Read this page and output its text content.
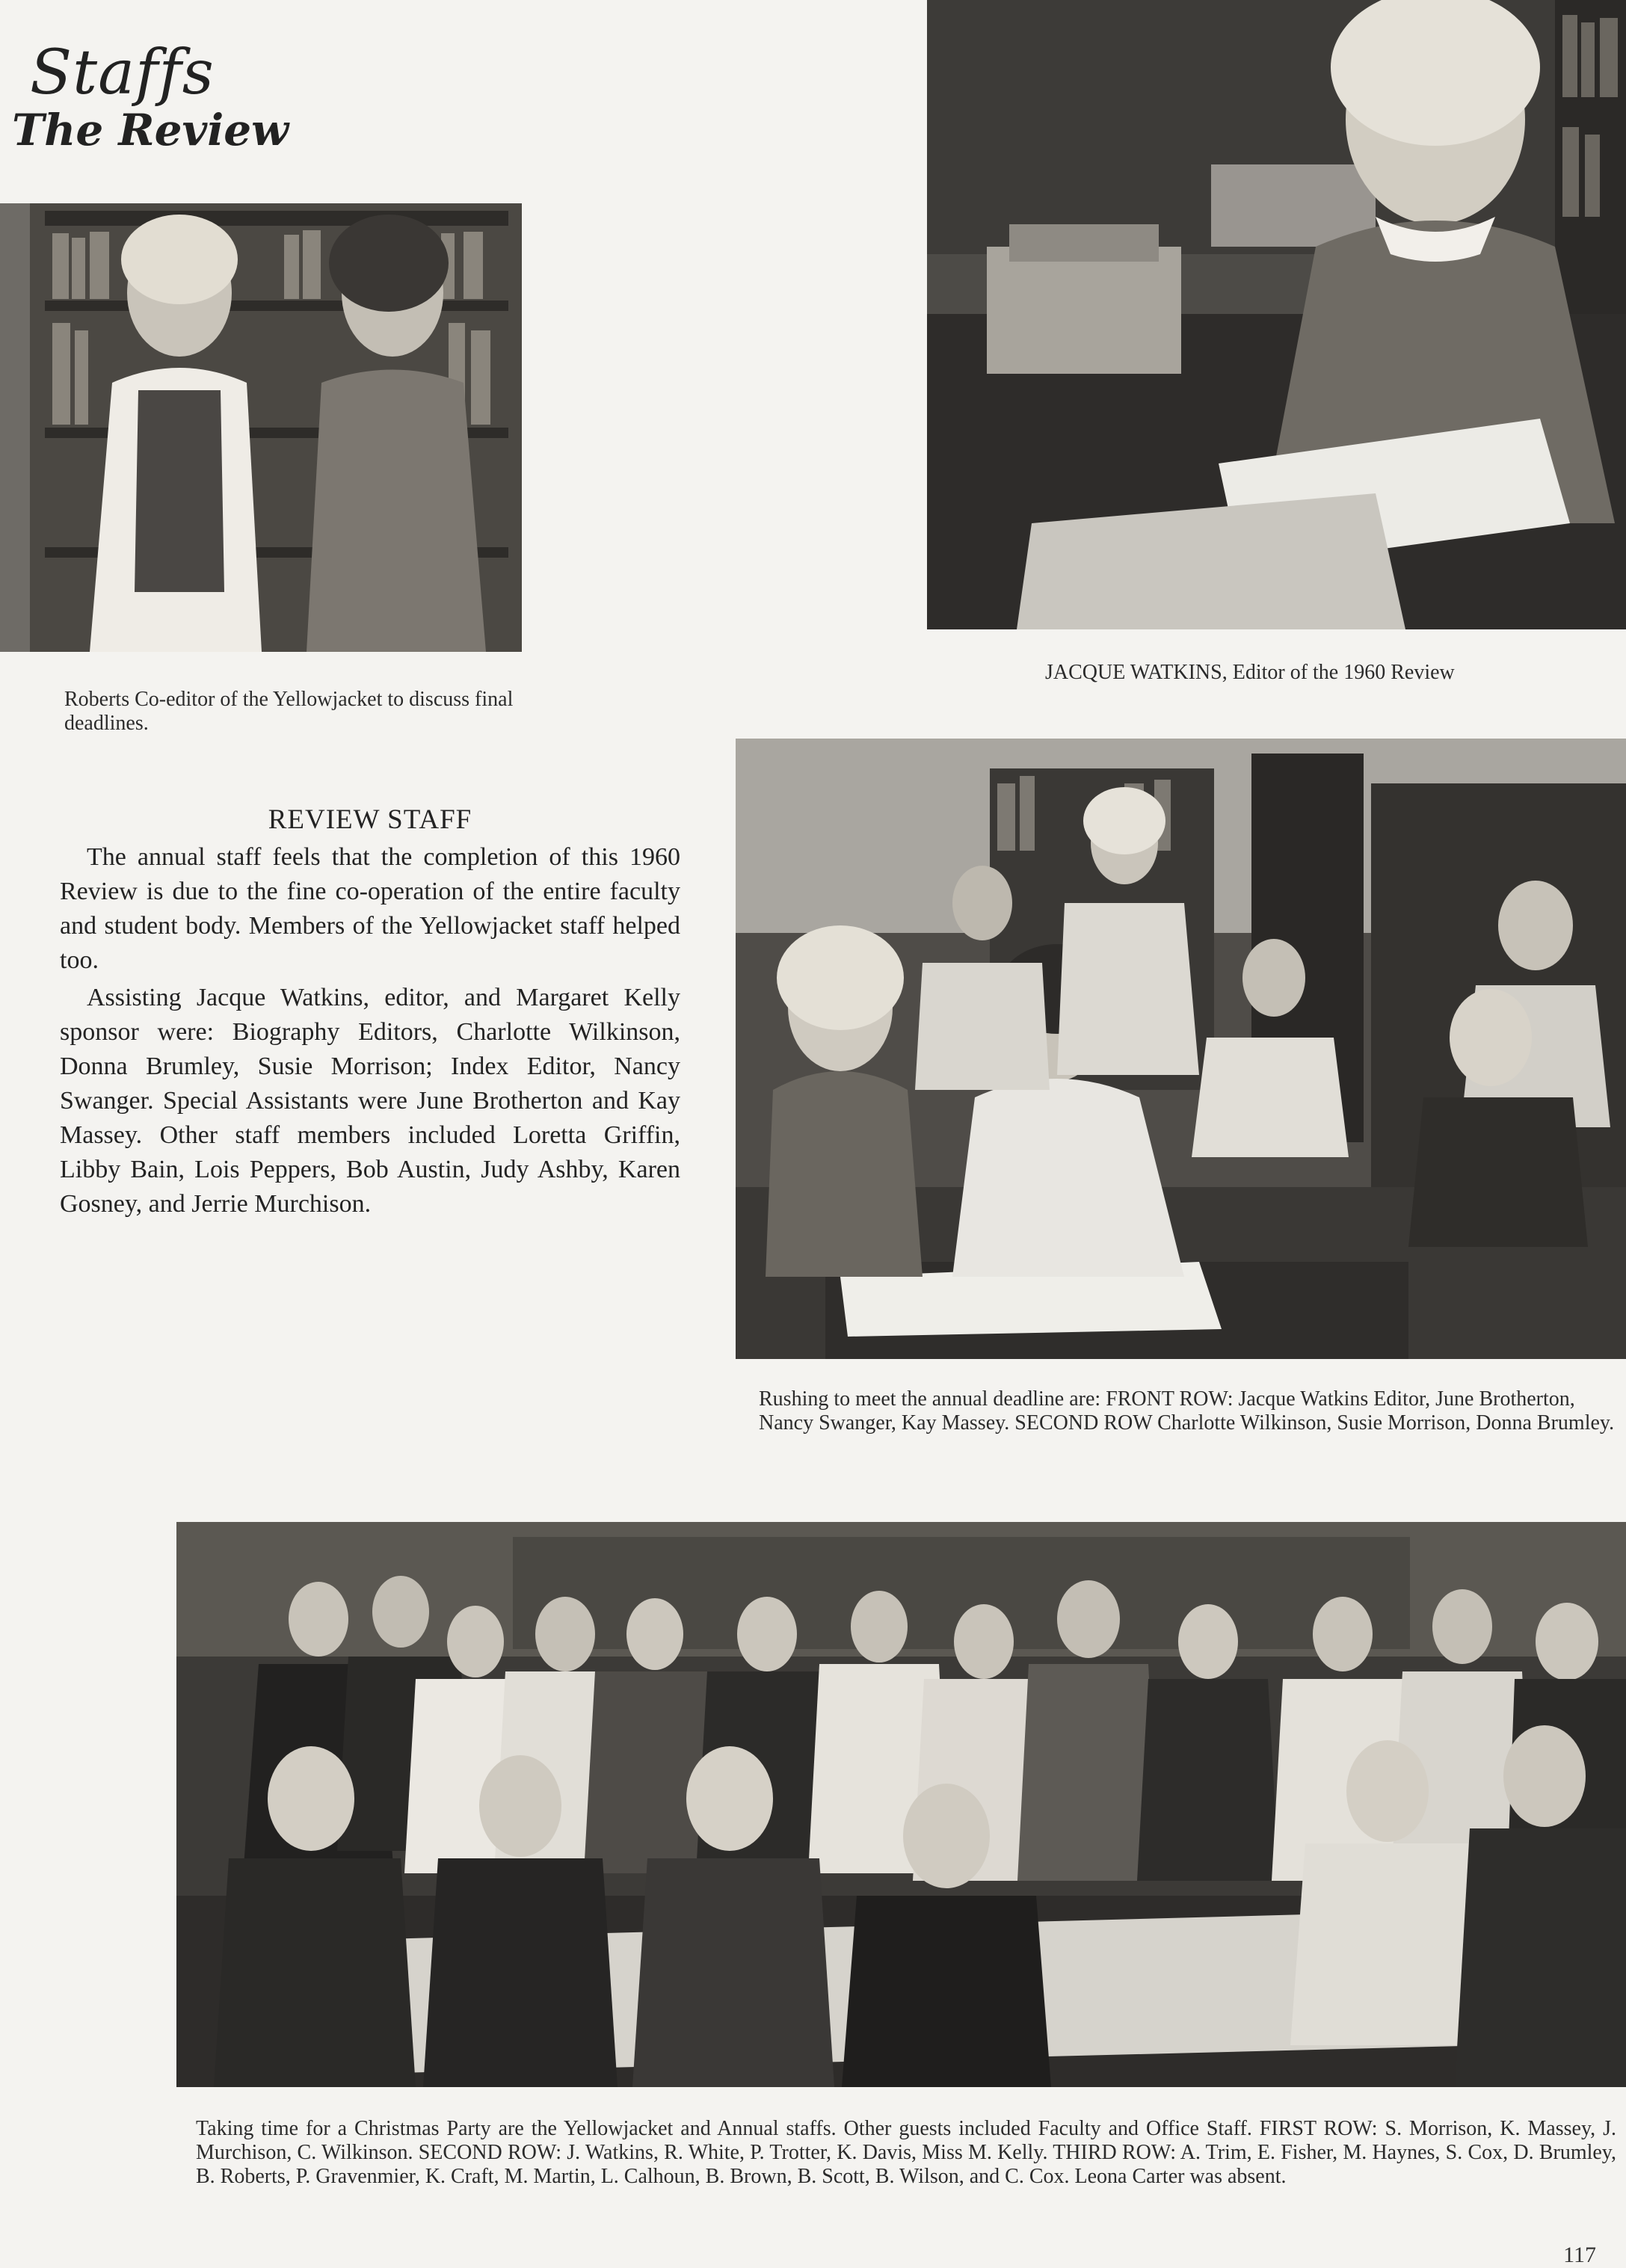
Staffs
The Review
Roberts Co-editor of the Yellowjacket to discuss final deadlines.
JACQUE WATKINS, Editor of the 1960 Review
REVIEW STAFF

The annual staff feels that the completion of this 1960 Review is due to the fine co-operation of the entire faculty and student body. Members of the Yellowjacket staff helped too.

Assisting Jacque Watkins, editor, and Margaret Kelly sponsor were: Biography Editors, Charlotte Wilkinson, Donna Brumley, Susie Morrison; Index Editor, Nancy Swanger. Special Assistants were June Brotherton and Kay Massey. Other staff members included Loretta Griffin, Libby Bain, Lois Peppers, Bob Austin, Judy Ashby, Karen Gosney, and Jerrie Murchison.

Rushing to meet the annual deadline are: FRONT ROW: Jacque Watkins Editor, June Brotherton, Nancy Swanger, Kay Massey. SECOND ROW Charlotte Wilkinson, Susie Morrison, Donna Brumley.
Taking time for a Christmas Party are the Yellowjacket and Annual staffs. Other guests included Faculty and Office Staff. FIRST ROW: S. Morrison, K. Massey, J. Murchison, C. Wilkinson. SECOND ROW: J. Watkins, R. White, P. Trotter, K. Davis, Miss M. Kelly. THIRD ROW: A. Trim, E. Fisher, M. Haynes, S. Cox, D. Brumley, B. Roberts, P. Gravenmier, K. Craft, M. Martin, L. Calhoun, B. Brown, B. Scott, B. Wilson, and C. Cox. Leona Carter was absent.
117
